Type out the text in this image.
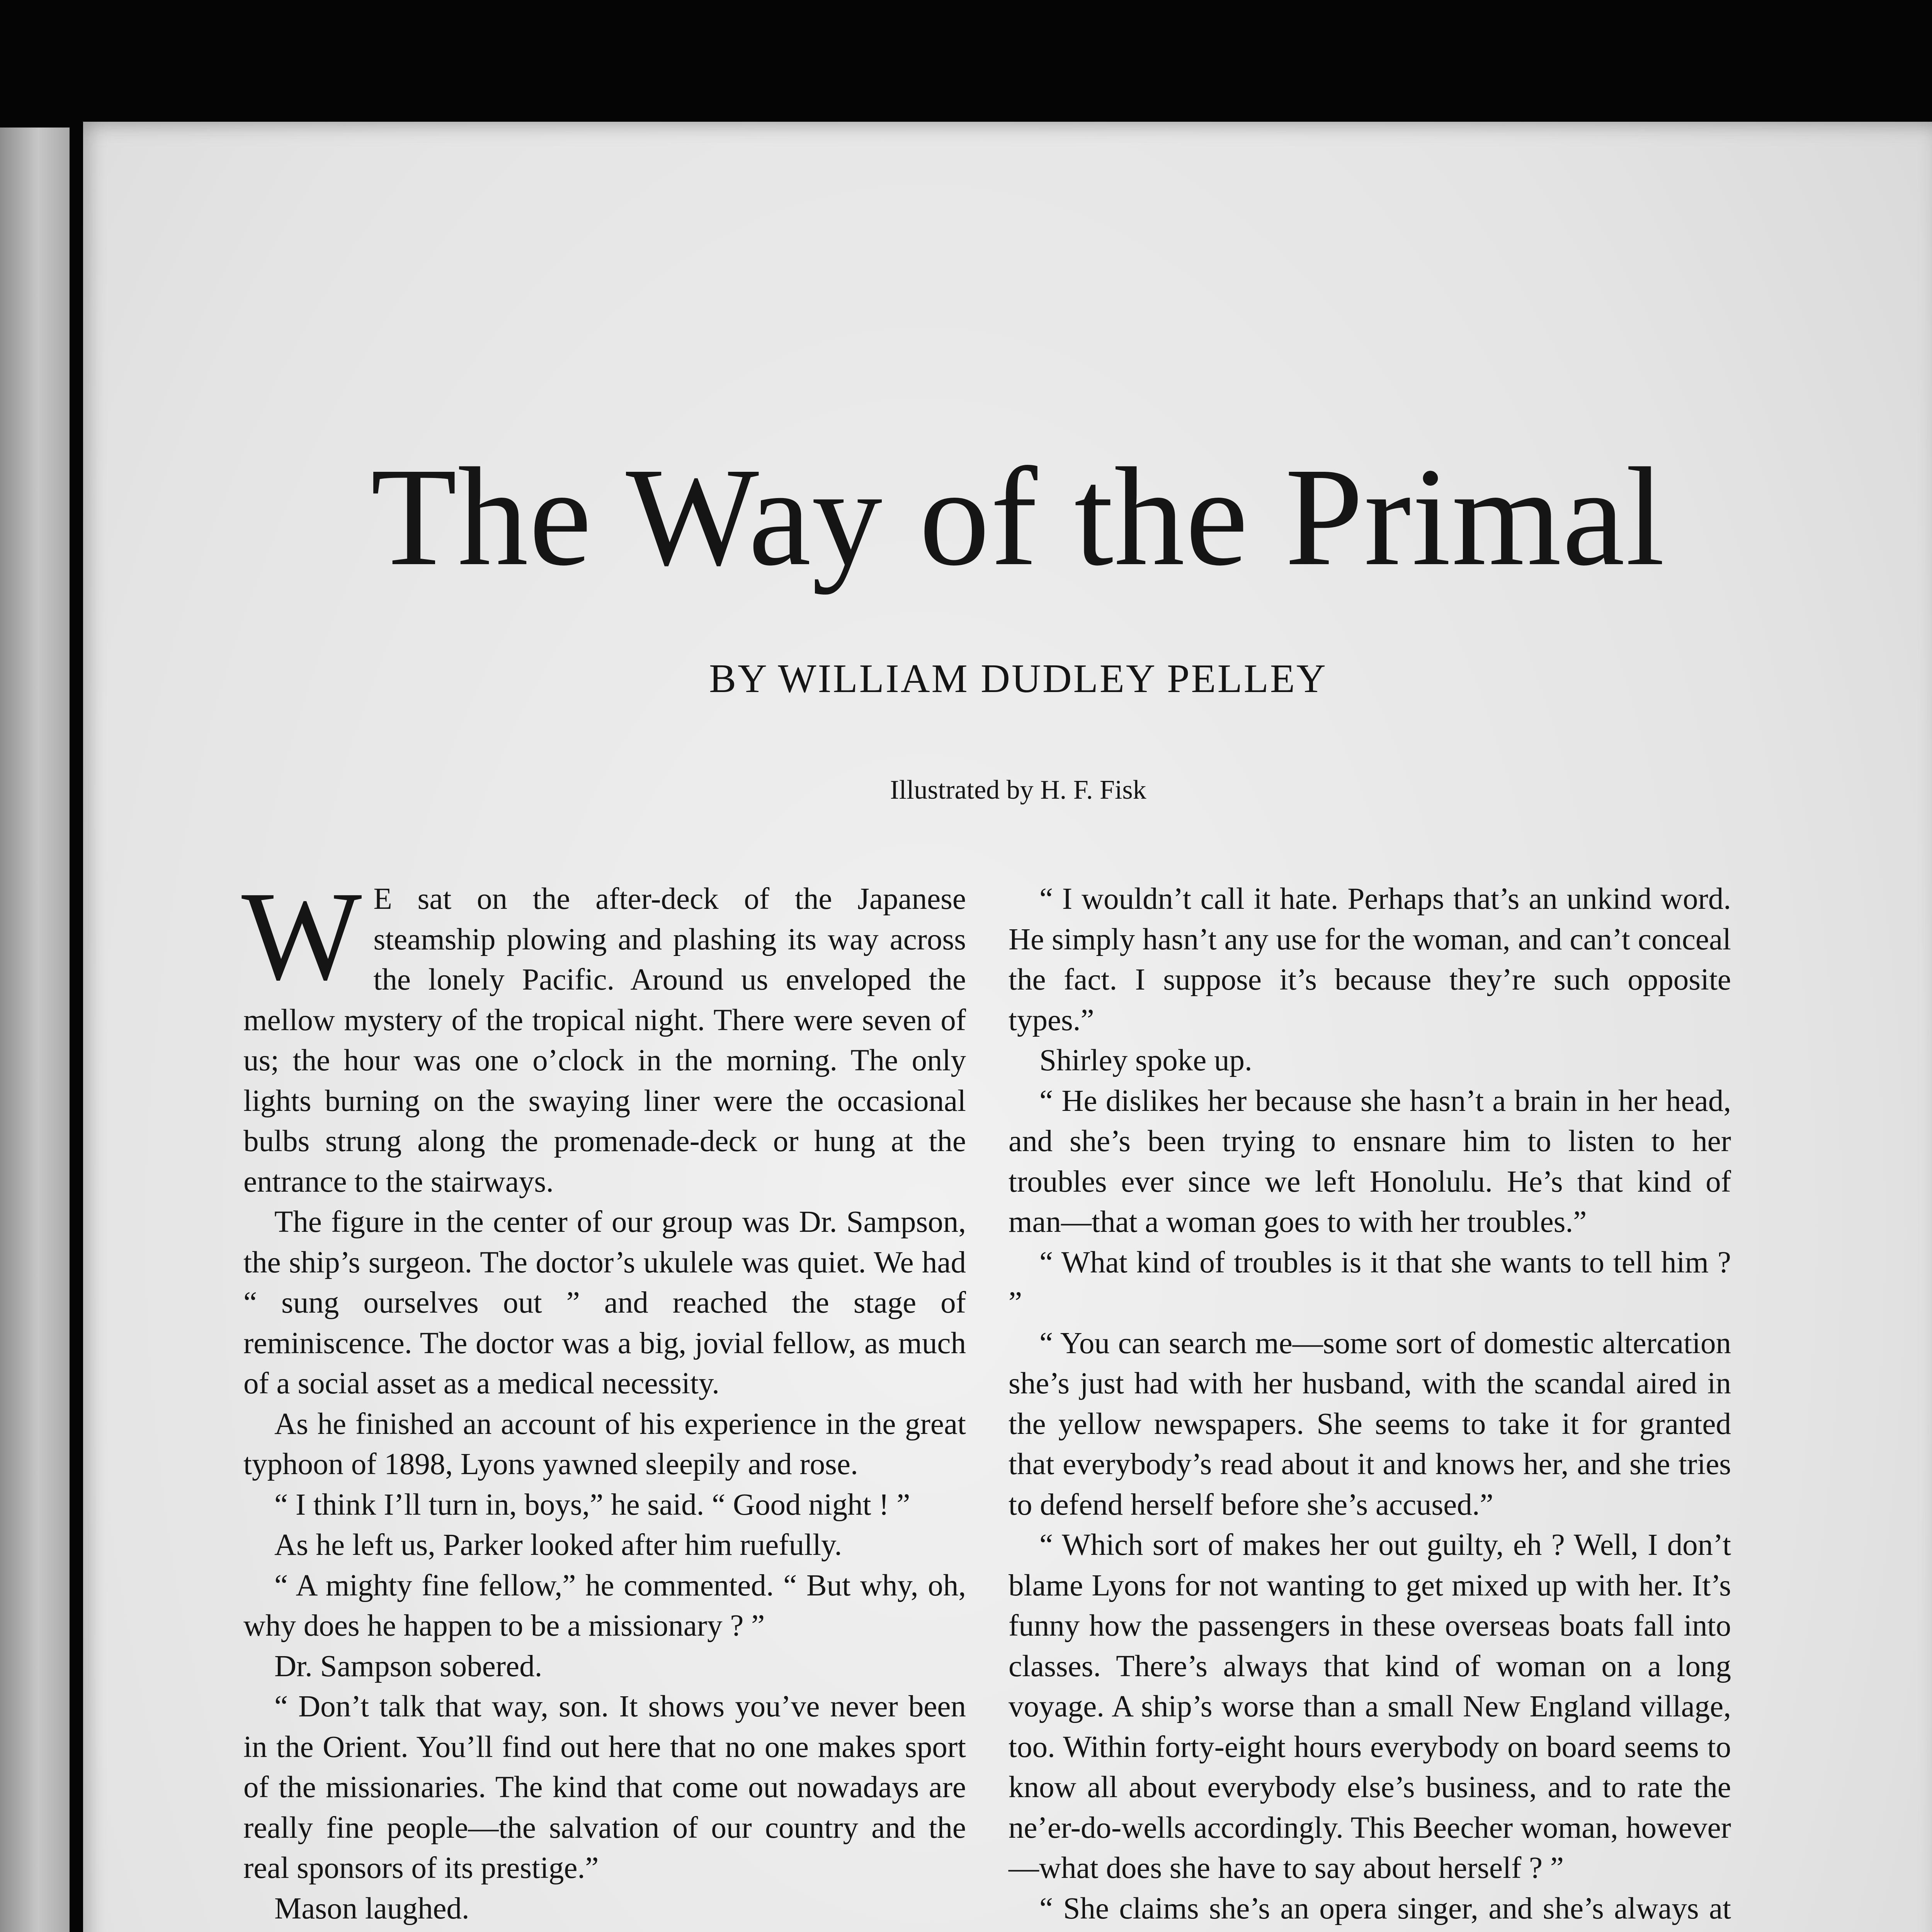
The Way of the Primal
BY WILLIAM DUDLEY PELLEY
Illustrated by H. F. Fisk

W E sat on the after-deck of the Japanese steamship plowing and plashing its way across the lonely Pacific. Around us enveloped the mellow mystery of the tropical night. There were seven of us; the hour was one o’clock in the morning. The only lights burning on the swaying liner were the occasional bulbs strung along the promenade-deck or hung at the entrance to the stairways.

The figure in the center of our group was Dr. Sampson, the ship’s surgeon. The doctor’s ukulele was quiet. We had “ sung ourselves out ” and reached the stage of reminiscence. The doctor was a big, jovial fellow, as much of a social asset as a medical necessity.

As he finished an account of his experience in the great typhoon of 1898, Lyons yawned sleepily and rose.

“ I think I’ll turn in, boys,” he said. “ Good night ! ”

As he left us, Parker looked after him ruefully.

“ A mighty fine fellow,” he commented. “ But why, oh, why does he happen to be a missionary ? ”

Dr. Sampson sobered.

“ Don’t talk that way, son. It shows you’ve never been in the Orient. You’ll find out here that no one makes sport of the missionaries. The kind that come out nowadays are really fine people—the salvation of our country and the real sponsors of its prestige.”

Mason laughed.

“ I wouldn’t call it hate. Perhaps that’s an unkind word. He simply hasn’t any use for the woman, and can’t conceal the fact. I suppose it’s because they’re such opposite types.”

Shirley spoke up.

“ He dislikes her because she hasn’t a brain in her head, and she’s been trying to ensnare him to listen to her troubles ever since we left Honolulu. He’s that kind of man—that a woman goes to with her troubles.”

“ What kind of troubles is it that she wants to tell him ? ”

“ You can search me—some sort of domestic altercation she’s just had with her husband, with the scandal aired in the yellow newspapers. She seems to take it for granted that everybody’s read about it and knows her, and she tries to defend herself before she’s accused.”

“ Which sort of makes her out guilty, eh ? Well, I don’t blame Lyons for not wanting to get mixed up with her. It’s funny how the passengers in these overseas boats fall into classes. There’s always that kind of woman on a long voyage. A ship’s worse than a small New England village, too. Within forty-eight hours everybody on board seems to know all about everybody else’s business, and to rate the ne’er-do-wells accordingly. This Beecher woman, however—what does she have to say about herself ? ”

“ She claims she’s an opera singer, and she’s always at
